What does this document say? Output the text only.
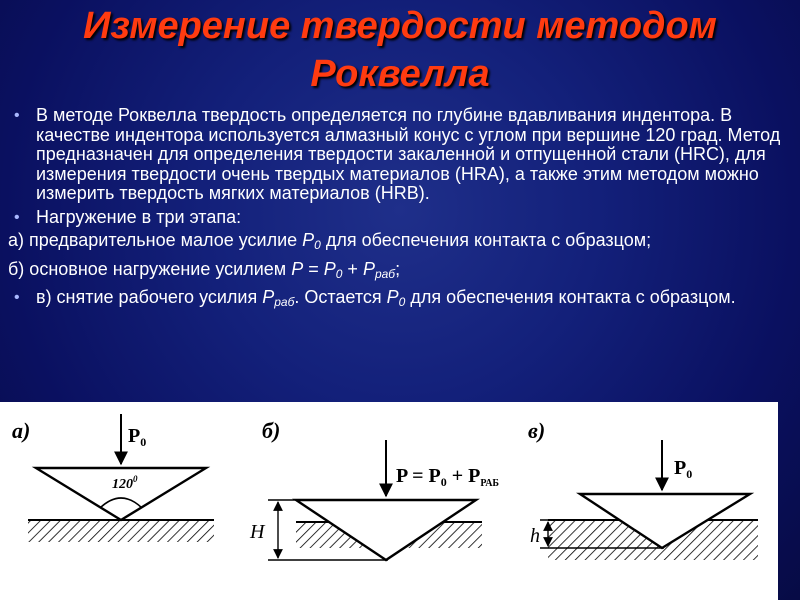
Измерение твердости методом
Роквелла
• В методе Роквелла твердость определяется по глубине вдавливания индентора. В качестве индентора используется алмазный конус с углом при вершине 120 град. Метод предназначен для определения твердости закаленной и отпущенной стали (HRC), для измерения твердости очень твердых материалов (HRA), а также этим методом можно измерить твердость мягких материалов (HRB).
• Нагружение в три этапа:
а) предварительное малое усилие $P_0$ для обеспечения контакта с образцом;
б) основное нагружение усилием $P = P_0 + P_{раб}$;
• в) снятие рабочего усилия $P_{раб}$. Остается $P_0$ для обеспечения контакта с образцом.
а)
$120^0$
$P_0$	б)
H
$P = P_0 + P_{РАБ}$
в)
h
$P_0$
